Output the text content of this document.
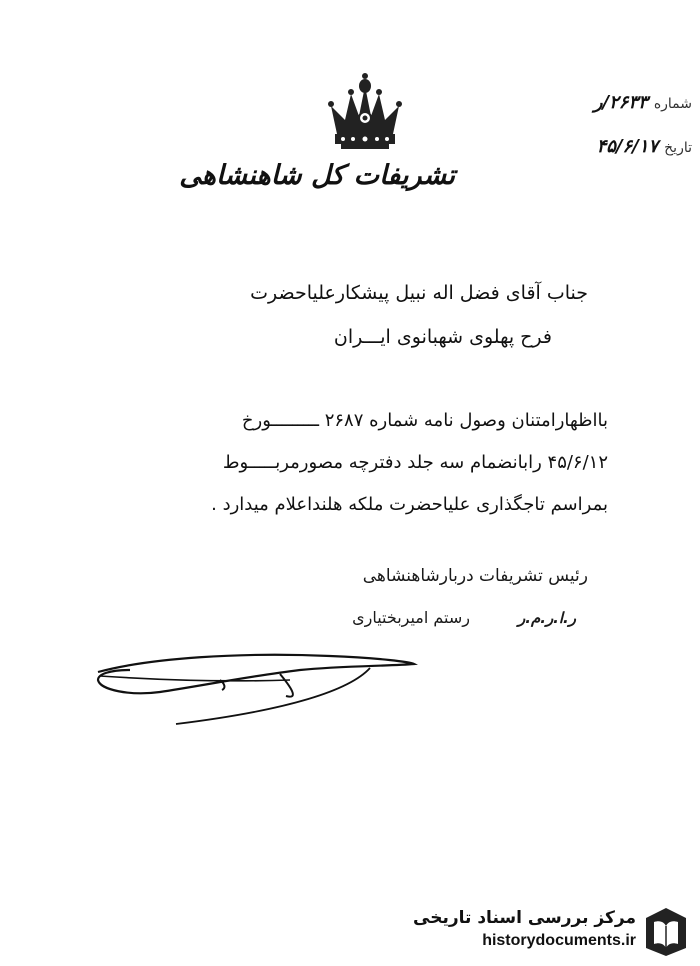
تشریفات کل شاهنشاهی
شماره
۲۶۳۳/ر
تاریخ
۴۵/۶/۱۷
جناب آقای فضل اله نبیل پیشکارعلیاحضرت
فرح پهلوی شهبانوی ایـــران
بااظهارامتنان وصول نامه شماره ۲۶۸۷ ـــــــــورخ
۴۵/۶/۱۲ رابانضمام سه جلد دفترچه مصورمربـــــوط
بمراسم تاجگذاری علیاحضرت ملکه هلنداعلام میدارد .
رئیس تشریفات دربارشاهنشاهی
ر.ا.ر.م.ر
رستم امیربختیاری
مرکز بررسی اسناد تاریخی
historydocuments.ir
